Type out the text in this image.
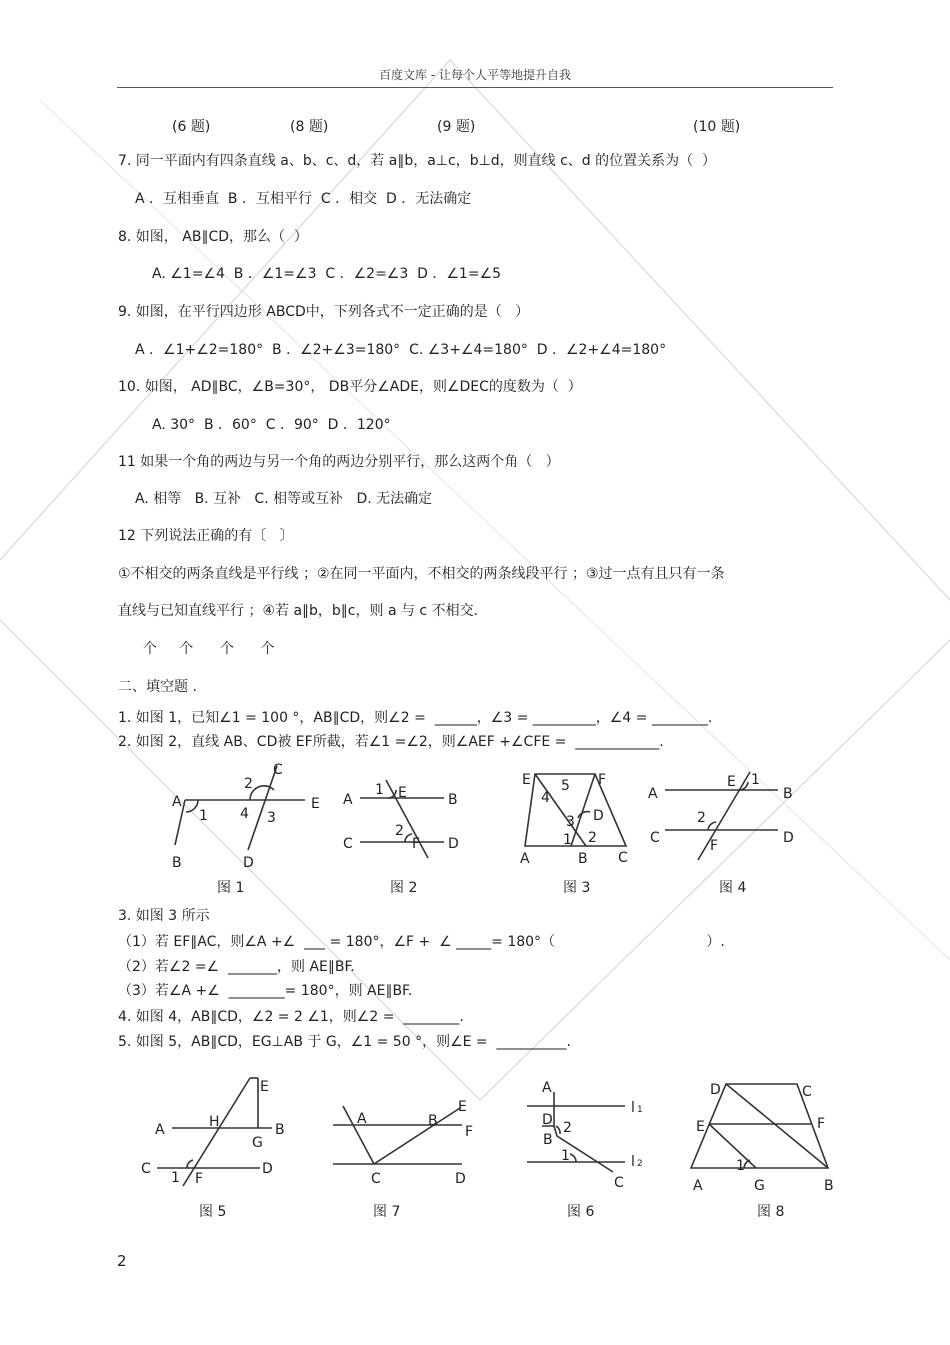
百度文库 - 让每个人平等地提升自我
(6 题)	(8 题)	(9 题)	(10 题)
7. 同一平面内有四条直线 a、b、c、d，若 a∥b，a⊥c，b⊥d，则直线 c、d 的位置关系为（  ）
A ．互相垂直  B ．互相平行  C ．相交  D ．无法确定
8. 如图， AB∥CD，那么（  ）
A. ∠1=∠4  B ．∠1=∠3  C ．∠2=∠3  D ．∠1=∠5
9. 如图，在平行四边形 ABCD中，下列各式不一定正确的是（   ）
A ．∠1+∠2=180°  B ．∠2+∠3=180°  C. ∠3+∠4=180°  D ．∠2+∠4=180°
10. 如图， AD∥BC，∠B=30°， DB平分∠ADE，则∠DEC的度数为（  ）
A. 30°  B ．60°  C ．90°  D ．120°
11 如果一个角的两边与另一个角的两边分别平行，那么这两个角（   ）
A. 相等   B. 互补   C. 相等或互补   D. 无法确定
12 下列说法正确的有〔   〕
①不相交的两条直线是平行线 ；②在同一平面内，不相交的两条线段平行 ；③过一点有且只有一条
直线与已知直线平行 ；④若 a∥b，b∥c，则 a 与 c 不相交.
个     个      个      个
二、填空题 .
1. 如图 1，已知∠1 = 100 °，AB∥CD，则∠2 =  ______，∠3 = _________，∠4 = ________.
2. 如图 2，直线 AB、CD被 EF所截，若∠1 =∠2，则∠AEF +∠CFE =  ____________.
A	E
B	D
C
1
2
4 3
A	B
C	D
E
F
1
2
E	F
A	B C
D
4
5
3
1 2
A	B
C	D
E
F
1
2
图 1	图 2	图 3	图 4
3. 如图 3 所示
（1）若 EF∥AC，则∠A +∠  ___ = 180°，∠F +  ∠ _____= 180°（                                  ）.
（2）若∠2 =∠  _______，则 AE∥BF.
（3）若∠A +∠  ________= 180°，则 AE∥BF.
4. 如图 4，AB∥CD，∠2 = 2 ∠1，则∠2 =  ________.
5. 如图 5，AB∥CD，EG⊥AB 于 G，∠1 = 50 °，则∠E =  __________.
A	B
C	D
E
G
H
F
1
A	B
C	D
E
F
A
D
B
C
l 1
l 2
2
1
D	C
E	F
A	G	B
1
图 5	图 7	图 6	图 8
2
